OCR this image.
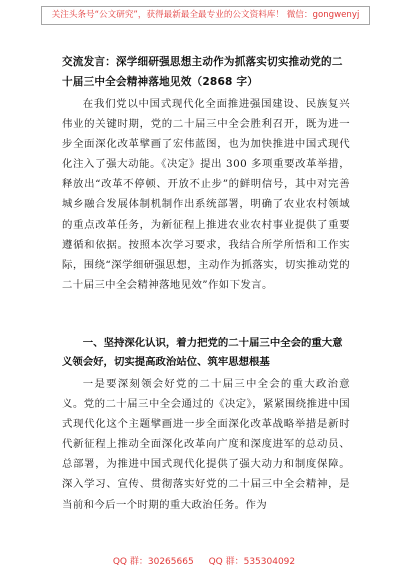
关注头条号“公文研究”，获得最新最全最专业的公文资料库！ 微信：gongwenyj
交流发言：深学细研强思想主动作为抓落实切实推动党的二十届三中全会精神落地见效（2868 字）
在我们党以中国式现代化全面推进强国建设、民族复兴伟业的关键时期，党的二十届三中全会胜利召开，既为进一步全面深化改革擘画了宏伟蓝图，也为加快推进中国式现代化注入了强大动能。《决定》提出 300 多项重要改革举措，释放出“改革不停顿、开放不止步”的鲜明信号，其中对完善城乡融合发展体制机制作出系统部署，明确了农业农村领域的重点改革任务，为新征程上推进农业农村事业提供了重要遵循和依据。按照本次学习要求，我结合所学所悟和工作实际，围绕“深学细研强思想，主动作为抓落实，切实推动党的二十届三中全会精神落地见效”作如下发言。
一、坚持深化认识，着力把党的二十届三中全会的重大意义领会好，切实提高政治站位、筑牢思想根基
一是要深刻领会好党的二十届三中全会的重大政治意义。党的二十届三中全会通过的《决定》，紧紧围绕推进中国式现代化这个主题擘画进一步全面深化改革战略举措是新时代新征程上推动全面深化改革向广度和深度进军的总动员、总部署，为推进中国式现代化提供了强大动力和制度保障。深入学习、宣传、贯彻落实好党的二十届三中全会精神，是当前和今后一个时期的重大政治任务。作为
QQ 群：30265665 QQ 群：535304092
